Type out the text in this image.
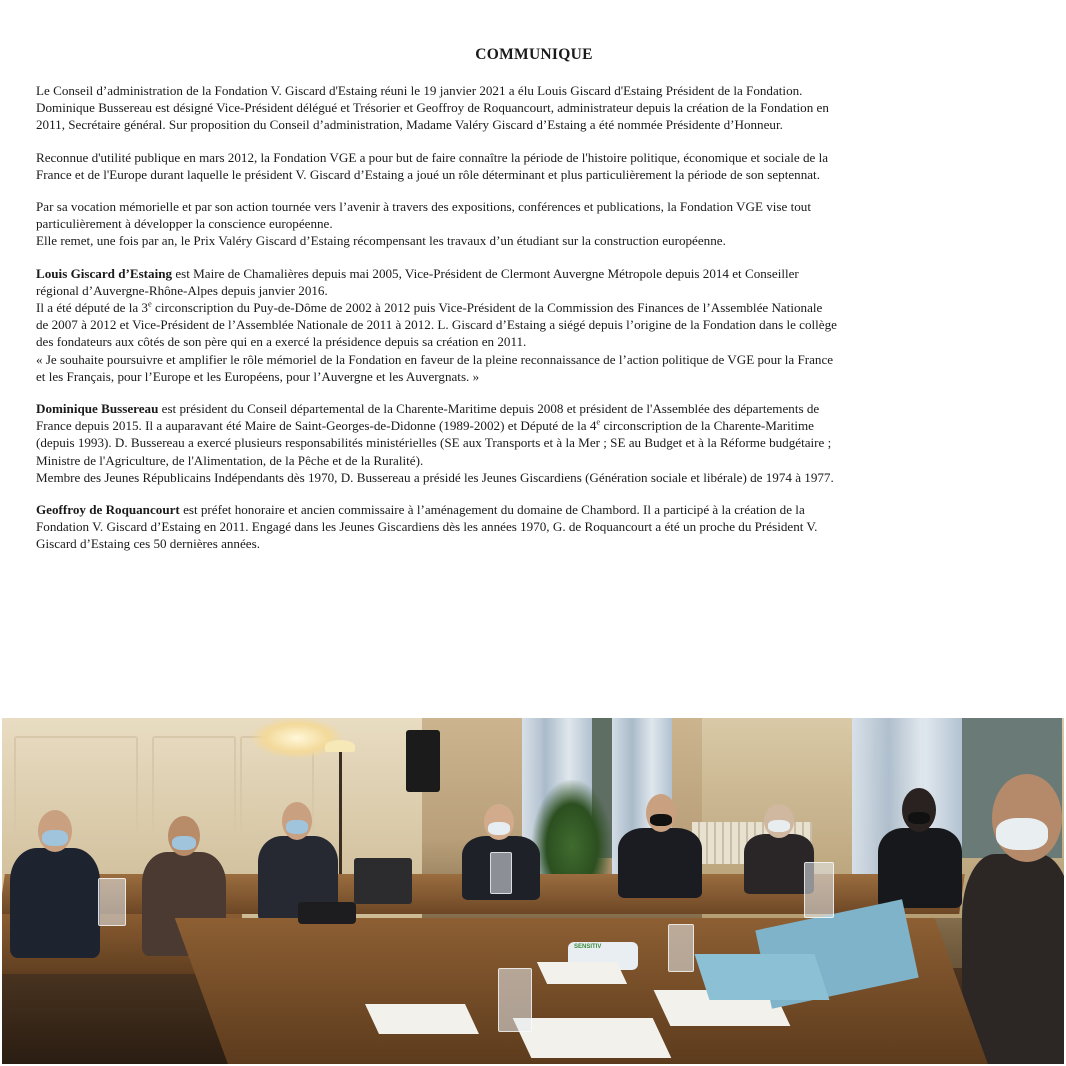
COMMUNIQUE
Le Conseil d’administration de la Fondation V. Giscard d'Estaing réuni le 19 janvier 2021 a élu Louis Giscard d'Estaing Président de la Fondation.
Dominique Bussereau est désigné Vice-Président délégué et Trésorier et Geoffroy de Roquancourt, administrateur depuis la création de la Fondation en
2011, Secrétaire général. Sur proposition du Conseil d’administration, Madame Valéry Giscard d’Estaing a été nommée Présidente d’Honneur.
Reconnue d'utilité publique en mars 2012, la Fondation VGE a pour but de faire connaître la période de l'histoire politique, économique et sociale de la
France et de l'Europe durant laquelle le président V. Giscard d’Estaing a joué un rôle déterminant et plus particulièrement la période de son septennat.
Par sa vocation mémorielle et par son action tournée vers l’avenir à travers des expositions, conférences et publications, la Fondation VGE vise tout
particulièrement à développer la conscience européenne.
Elle remet, une fois par an, le Prix Valéry Giscard d’Estaing récompensant les travaux d’un étudiant sur la construction européenne.
Louis Giscard d’Estaing est Maire de Chamalières depuis mai 2005, Vice-Président de Clermont Auvergne Métropole depuis 2014 et Conseiller
régional d’Auvergne-Rhône-Alpes depuis janvier 2016.
Il a été député de la 3e circonscription du Puy-de-Dôme de 2002 à 2012 puis Vice-Président de la Commission des Finances de l’Assemblée Nationale
de 2007 à 2012 et Vice-Président de l’Assemblée Nationale de 2011 à 2012. L. Giscard d’Estaing a siégé depuis l’origine de la Fondation dans le collège
des fondateurs aux côtés de son père qui en a exercé la présidence depuis sa création en 2011.
« Je souhaite poursuivre et amplifier le rôle mémoriel de la Fondation en faveur de la pleine reconnaissance de l’action politique de VGE pour la France
et les Français, pour l’Europe et les Européens, pour l’Auvergne et les Auvergnats. »
Dominique Bussereau est président du Conseil départemental de la Charente-Maritime depuis 2008 et président de l'Assemblée des départements de
France depuis 2015. Il a auparavant été Maire de Saint-Georges-de-Didonne (1989-2002) et Député de la 4e circonscription de la Charente-Maritime
(depuis 1993). D. Bussereau a exercé plusieurs responsabilités ministérielles (SE aux Transports et à la Mer ; SE au Budget et à la Réforme budgétaire ;
Ministre de l'Agriculture, de l'Alimentation, de la Pêche et de la Ruralité).
Membre des Jeunes Républicains Indépendants dès 1970, D. Bussereau a présidé les Jeunes Giscardiens (Génération sociale et libérale) de 1974 à 1977.
Geoffroy de Roquancourt est préfet honoraire et ancien commissaire à l’aménagement du domaine de Chambord. Il a participé à la création de la
Fondation V. Giscard d’Estaing en 2011. Engagé dans les Jeunes Giscardiens dès les années 1970, G. de Roquancourt a été un proche du Président V.
Giscard d’Estaing ces 50 dernières années.
SENSITIV
